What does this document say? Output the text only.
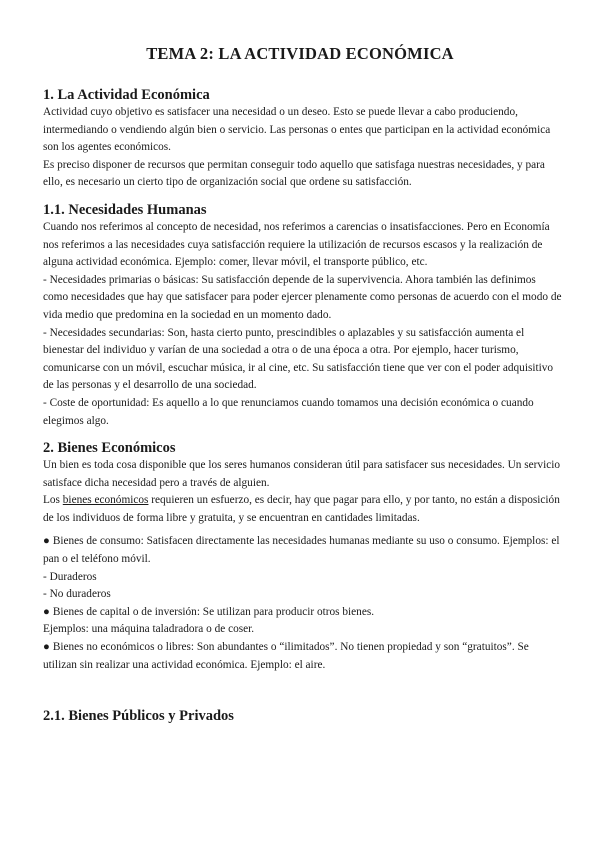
TEMA 2: LA ACTIVIDAD ECONÓMICA
1. La Actividad Económica

Actividad cuyo objetivo es satisfacer una necesidad o un deseo. Esto se puede llevar a cabo produciendo, intermediando o vendiendo algún bien o servicio. Las personas o entes que participan en la actividad económica son los agentes económicos.

Es preciso disponer de recursos que permitan conseguir todo aquello que satisfaga nuestras necesidades, y para ello, es necesario un cierto tipo de organización social que ordene su satisfacción.

1.1. Necesidades Humanas

Cuando nos referimos al concepto de necesidad, nos referimos a carencias o insatisfacciones. Pero en Economía nos referimos a las necesidades cuya satisfacción requiere la utilización de recursos escasos y la realización de alguna actividad económica. Ejemplo: comer, llevar móvil, el transporte público, etc.

- Necesidades primarias o básicas: Su satisfacción depende de la supervivencia. Ahora también las definimos como necesidades que hay que satisfacer para poder ejercer plenamente como personas de acuerdo con el modo de vida medio que predomina en la sociedad en un momento dado.

- Necesidades secundarias: Son, hasta cierto punto, prescindibles o aplazables y su satisfacción aumenta el bienestar del individuo y varían de una sociedad a otra o de una época a otra. Por ejemplo, hacer turismo, comunicarse con un móvil, escuchar música, ir al cine, etc. Su satisfacción tiene que ver con el poder adquisitivo de las personas y el desarrollo de una sociedad.

- Coste de oportunidad: Es aquello a lo que renunciamos cuando tomamos una decisión económica o cuando elegimos algo.

2. Bienes Económicos

Un bien es toda cosa disponible que los seres humanos consideran útil para satisfacer sus necesidades. Un servicio satisface dicha necesidad pero a través de alguien.

Los bienes económicos requieren un esfuerzo, es decir, hay que pagar para ello, y por tanto, no están a disposición de los individuos de forma libre y gratuita, y se encuentran en cantidades limitadas.

● Bienes de consumo: Satisfacen directamente las necesidades humanas mediante su uso o consumo. Ejemplos: el pan o el teléfono móvil.

- Duraderos

- No duraderos

● Bienes de capital o de inversión: Se utilizan para producir otros bienes.

Ejemplos: una máquina taladradora o de coser.

● Bienes no económicos o libres: Son abundantes o “ilimitados”. No tienen propiedad y son “gratuitos”. Se utilizan sin realizar una actividad económica. Ejemplo: el aire.

2.1. Bienes Públicos y Privados
